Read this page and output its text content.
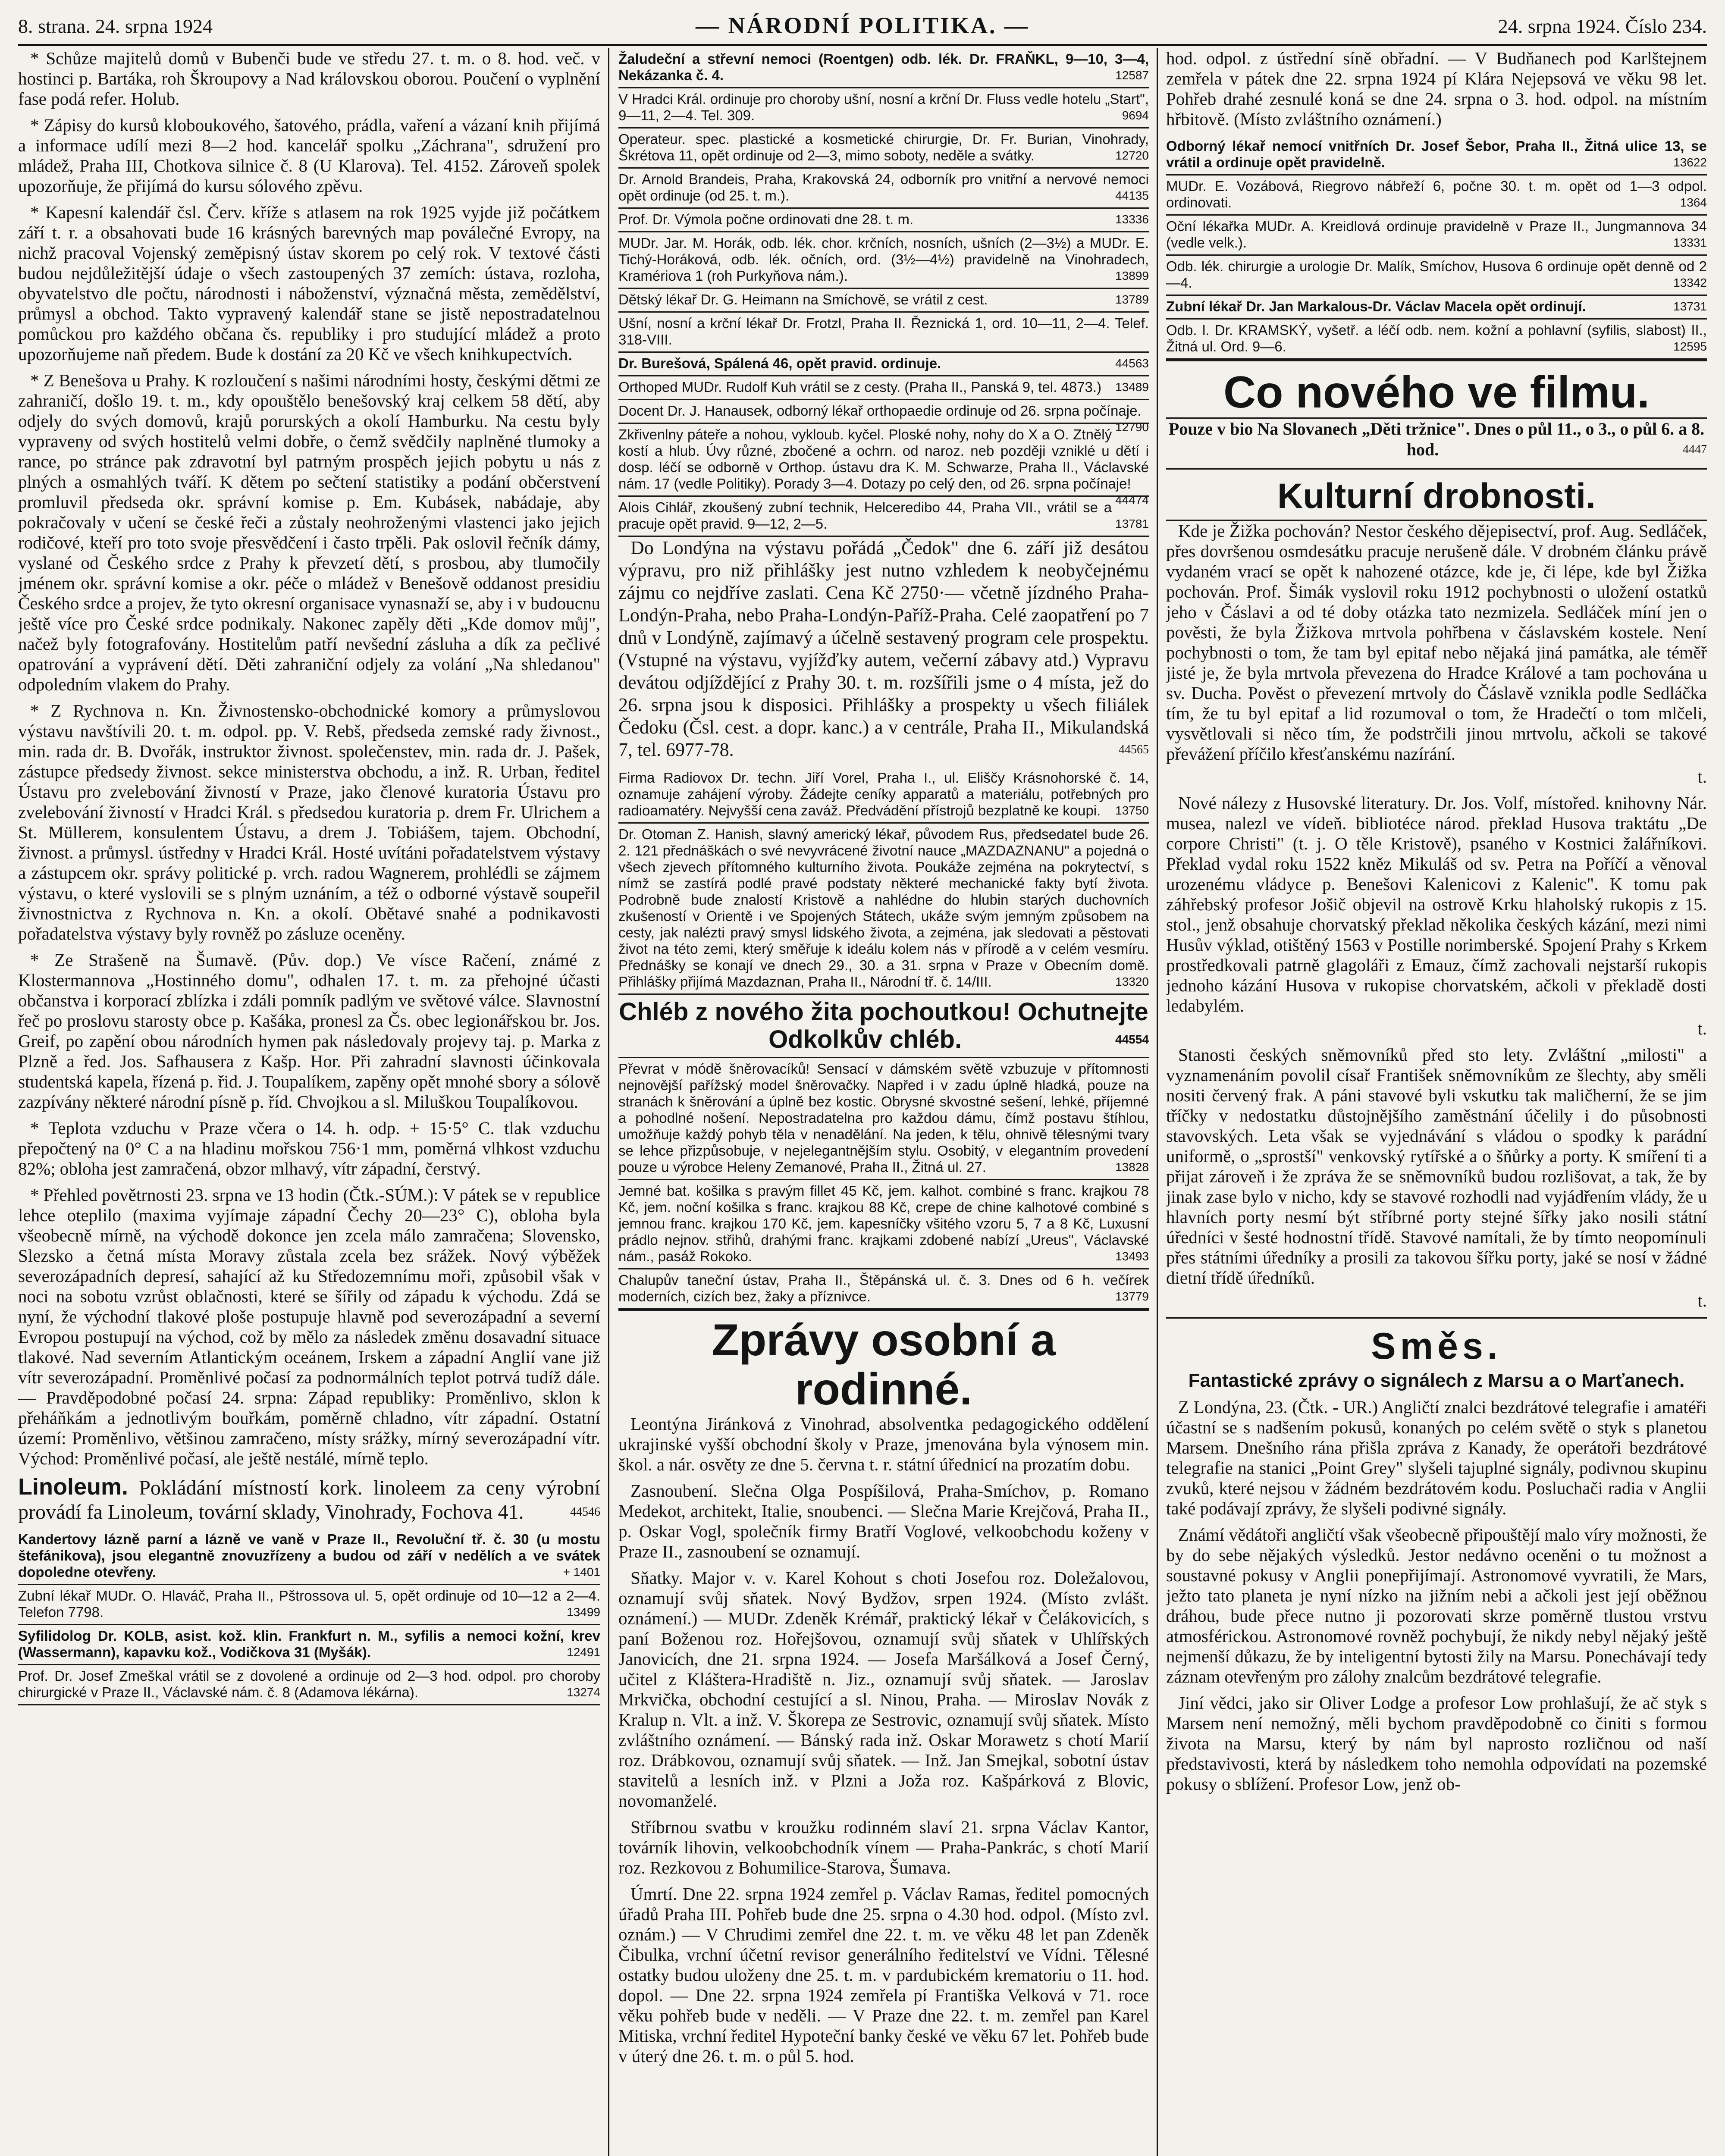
8. strana. 24. srpna 1924	— NÁRODNÍ POLITIKA. —	24. srpna 1924. Číslo 234.

* Schůze majitelů domů v Bubenči bude ve středu 27. t. m. o 8. hod. več. v hostinci p. Bartáka, roh Škroupovy a Nad královskou oborou. Poučení o vyplnění fase podá refer. Holub.

* Zápisy do kursů kloboukového, šatového, prádla, vaření a vázaní knih přijímá a informace udílí mezi 8—2 hod. kancelář spolku „Záchrana", sdružení pro mládež, Praha III, Chotkova silnice č. 8 (U Klarova). Tel. 4152. Zároveň spolek upozorňuje, že přijímá do kursu sólového zpěvu.

* Kapesní kalendář čsl. Červ. kříže s atlasem na rok 1925 vyjde již počátkem září t. r. a obsahovati bude 16 krásných barevných map poválečné Evropy, na nichž pracoval Vojenský zeměpisný ústav skorem po celý rok. V textové části budou nejdůležitější údaje o všech zastoupených 37 zemích: ústava, rozloha, obyvatelstvo dle počtu, národnosti i náboženství, význačná města, zemědělství, průmysl a obchod. Takto vypravený kalendář stane se jistě nepostradatelnou pomůckou pro každého občana čs. republiky i pro studující mládež a proto upozorňujeme naň předem. Bude k dostání za 20 Kč ve všech knihkupectvích.

* Z Benešova u Prahy. K rozloučení s našimi národními hosty, českými dětmi ze zahraničí, došlo 19. t. m., kdy opouštělo benešovský kraj celkem 58 dětí, aby odjely do svých domovů, krajů porurských a okolí Hamburku. Na cestu byly vypraveny od svých hostitelů velmi dobře, o čemž svědčily naplněné tlumoky a rance, po stránce pak zdravotní byl patrným prospěch jejich pobytu u nás z plných a osmahlých tváří. K dětem po sečtení statistiky a podání občerstvení promluvil předseda okr. správní komise p. Em. Kubásek, nabádaje, aby pokračovaly v učení se české řeči a zůstaly neohroženými vlastenci jako jejich rodičové, kteří pro toto svoje přesvědčení i často trpěli. Pak oslovil řečník dámy, vyslané od Českého srdce z Prahy k převzetí dětí, s prosbou, aby tlumočily jménem okr. správní komise a okr. péče o mládež v Benešově oddanost presidiu Českého srdce a projev, že tyto okresní organisace vynasnaží se, aby i v budoucnu ještě více pro České srdce podnikaly. Nakonec zapěly děti „Kde domov můj", načež byly fotografovány. Hostitelům patří nevšední zásluha a dík za pečlivé opatrování a vyprávení dětí. Děti zahraniční odjely za volání „Na shledanou" odpoledním vlakem do Prahy.

* Z Rychnova n. Kn. Živnostensko-obchodnické komory a průmyslovou výstavu navštívili 20. t. m. odpol. pp. V. Rebš, předseda zemské rady živnost., min. rada dr. B. Dvořák, instruktor živnost. společenstev, min. rada dr. J. Pašek, zástupce předsedy živnost. sekce ministerstva obchodu, a inž. R. Urban, ředitel Ústavu pro zvelebování živností v Praze, jako členové kuratoria Ústavu pro zvelebování živností v Hradci Král. s předsedou kuratoria p. drem Fr. Ulrichem a St. Müllerem, konsulentem Ústavu, a drem J. Tobiášem, tajem. Obchodní, živnost. a průmysl. ústředny v Hradci Král. Hosté uvítáni pořadatelstvem výstavy a zástupcem okr. správy politické p. vrch. radou Wagnerem, prohlédli se zájmem výstavu, o které vyslovili se s plným uznáním, a též o odborné výstavě soupeřil živnostnictva z Rychnova n. Kn. a okolí. Obětavé snahé a podnikavosti pořadatelstva výstavy byly rovněž po zásluze oceněny.

* Ze Strašeně na Šumavě. (Pův. dop.) Ve vísce Račení, známé z Klostermannova „Hostinného domu", odhalen 17. t. m. za přehojné účasti občanstva i korporací zblízka i zdáli pomník padlým ve světové válce. Slavnostní řeč po proslovu starosty obce p. Kašáka, pronesl za Čs. obec legionářskou br. Jos. Greif, po zapění obou národních hymen pak následovaly projevy taj. p. Marka z Plzně a řed. Jos. Safhausera z Kašp. Hor. Při zahradní slavnosti účinkovala studentská kapela, řízená p. řid. J. Toupalíkem, zapěny opět mnohé sbory a sólově zazpívány některé národní písně p. říd. Chvojkou a sl. Miluškou Toupalíkovou.

* Teplota vzduchu v Praze včera o 14. h. odp. + 15·5° C. tlak vzduchu přepočtený na 0° C a na hladinu mořskou 756·1 mm, poměrná vlhkost vzduchu 82%; obloha jest zamračená, obzor mlhavý, vítr západní, čerstvý.

* Přehled povětrnosti 23. srpna ve 13 hodin (Čtk.-SÚM.): V pátek se v republice lehce oteplilo (maxima vyjímaje západní Čechy 20—23° C), obloha byla všeobecně mírně, na východě dokonce jen zcela málo zamračena; Slovensko, Slezsko a četná místa Moravy zůstala zcela bez srážek. Nový výběžek severozápadních depresí, sahající až ku Středozemnímu moři, způsobil však v noci na sobotu vzrůst oblačnosti, které se šířily od západu k východu. Zdá se nyní, že východní tlakové ploše postupuje hlavně pod severozápadní a severní Evropou postupují na východ, což by mělo za následek změnu dosavadní situace tlakové. Nad severním Atlantickým oceánem, Irskem a západní Anglií vane již vítr severozápadní. Proměnlivé počasí za podnormálních teplot potrvá tudíž dále. — Pravděpodobné počasí 24. srpna: Západ republiky: Proměnlivo, sklon k přeháňkám a jednotlivým bouřkám, poměrně chladno, vítr západní. Ostatní území: Proměnlivo, většinou zamračeno, místy srážky, mírný severozápadní vítr. Východ: Proměnlivé počasí, ale ještě nestálé, mírně teplo.

Linoleum. Pokládání místností kork. linoleem za ceny výrobní provádí fa Linoleum, tovární sklady, Vinohrady, Fochova 41.	44546

Kandertovy lázně parní a lázně ve vaně v Praze II., Revoluční tř. č. 30 (u mostu štefánikova), jsou elegantně znovuzřízeny a budou od září v nedělích a ve svátek dopoledne otevřeny.	+ 1401

Zubní lékař MUDr. O. Hlaváč, Praha II., Pštrossova ul. 5, opět ordinuje od 10—12 a 2—4. Telefon 7798.	13499

Syfilidolog Dr. KOLB, asist. kož. klin. Frankfurt n. M., syfilis a nemoci kožní, krev (Wassermann), kapavku kož., Vodičkova 31 (Myšák).	12491

Prof. Dr. Josef Zmeškal vrátil se z dovolené a ordinuje od 2—3 hod. odpol. pro choroby chirurgické v Praze II., Václavské nám. č. 8 (Adamova lékárna).	13274

Žaludeční a střevní nemoci (Roentgen) odb. lék. Dr. FRAŇKL, 9—10, 3—4, Nekázanka č. 4.	12587

V Hradci Král. ordinuje pro choroby ušní, nosní a krční Dr. Fluss vedle hotelu „Start", 9—11, 2—4. Tel. 309.	9694

Operateur. spec. plastické a kosmetické chirurgie, Dr. Fr. Burian, Vinohrady, Škrétova 11, opět ordinuje od 2—3, mimo soboty, neděle a svátky.	12720

Dr. Arnold Brandeis, Praha, Krakovská 24, odborník pro vnitřní a nervové nemoci opět ordinuje (od 25. t. m.).	44135

Prof. Dr. Výmola počne ordinovati dne 28. t. m.	13336

MUDr. Jar. M. Horák, odb. lék. chor. krčních, nosních, ušních (2—3½) a MUDr. E. Tichý-Horáková, odb. lék. očních, ord. (3½—4½) pravidelně na Vinohradech, Kramériova 1 (roh Purkyňova nám.).	13899

Dětský lékař Dr. G. Heimann na Smíchově, se vrátil z cest.	13789

Ušní, nosní a krční lékař Dr. Frotzl, Praha II. Řeznická 1, ord. 10—11, 2—4. Telef. 318-VIII.

Dr. Burešová, Spálená 46, opět pravid. ordinuje.	44563

Orthoped MUDr. Rudolf Kuh vrátil se z cesty. (Praha II., Panská 9, tel. 4873.) 13489

Docent Dr. J. Hanausek, odborný lékař orthopaedie ordinuje od 26. srpna počínaje.
12790

Zkřivenlny páteře a nohou, vykloub. kyčel. Ploské nohy, nohy do X a O. Ztnělý kostí a hlub. Úvy různé, zbočené a ochrn. od naroz. neb později vzniklé u dětí i dosp. léčí se odborně v Orthop. ústavu dra K. M. Schwarze, Praha II., Václavské nám. 17 (vedle Politiky). Porady 3—4. Dotazy po celý den, od 26. srpna počínaje!
44474

Alois Cihlář, zkoušený zubní technik, Helceredibo 44, Praha VII., vrátil se a pracuje opět pravid. 9—12, 2—5.	13781

Do Londýna na výstavu pořádá „Čedok" dne 6. září již desátou výpravu, pro niž přihlášky jest nutno vzhledem k neobyčejnému zájmu co nejdříve zaslati. Cena Kč 2750·— včetně jízdného Praha-Londýn-Praha, nebo Praha-Londýn-Paříž-Praha. Celé zaopatření po 7 dnů v Londýně, zajímavý a účelně sestavený program cele prospektu. (Vstupné na výstavu, vyjížďky autem, večerní zábavy atd.) Vypravu devátou odjíždějící z Prahy 30. t. m. rozšířili jsme o 4 místa, jež do 26. srpna jsou k disposici. Přihlášky a prospekty u všech filiálek Čedoku (Čsl. cest. a dopr. kanc.) a v centrále, Praha II., Mikulandská 7, tel. 6977-78.	44565

Firma Radiovox Dr. techn. Jiří Vorel, Praha I., ul. Eliščy Krásnohorské č. 14, oznamuje zahájení výroby. Žádejte ceníky apparatů a materiálu, potřebných pro radioamatéry. Nejvyšší cena zaváž. Předvádění přístrojů bezplatně ke koupi. 13750

Dr. Otoman Z. Hanish, slavný americký lékař, původem Rus, předsedatel bude 26. 2. 121 přednáškách o své nevyvrácené životní nauce „MAZDAZNANU" a pojedná o všech zjevech přítomného kulturního života. Poukáže zejména na pokrytectví, s nímž se zastírá podlé pravé podstaty některé mechanické fakty bytí života. Podrobně bude znalostí Kristově a nahlédne do hlubin starých duchovních zkušeností v Orientě i ve Spojených Státech, ukáže svým jemným způsobem na cesty, jak nalézti pravý smysl lidského života, a zejména, jak sledovati a pěstovati život na této zemi, který směřuje k ideálu kolem nás v přírodě a v celém vesmíru. Přednášky se konají ve dnech 29., 30. a 31. srpna v Praze v Obecním domě. Přihlášky přijímá Mazdaznan, Praha II., Národní tř. č. 14/III.	13320

Chléb z nového žita pochoutkou! Ochutnejte Odkolkův chléb.	44554

Převrat v módě šněrovacíků! Sensací v dámském světě vzbuzuje v přítomnosti nejnovější pařížský model šněrovačky. Napřed i v zadu úplně hladká, pouze na stranách k šněrování a úplně bez kostic. Obrysné skvostné sešení, lehké, příjemné a pohodlné nošení. Nepostradatelna pro každou dámu, čímž postavu štíhlou, umožňuje každý pohyb těla v nenadělání. Na jeden, k tělu, ohnivě tělesnými tvary se lehce přizpůsobuje, v nejelegantnějším stylu. Osobitý, v elegantním provedení pouze u výrobce Heleny Zemanové, Praha II., Žitná ul. 27.	13828

Jemné bat. košilka s pravým fillet 45 Kč, jem. kalhot. combiné s franc. krajkou 78 Kč, jem. noční košilka s franc. krajkou 88 Kč, crepe de chine kalhotové combiné s jemnou franc. krajkou 170 Kč, jem. kapesníčky všitého vzoru 5, 7 a 8 Kč, Luxusní prádlo nejnov. střihů, drahými franc. krajkami zdobené nabízí „Ureus", Václavské nám., pasáž Rokoko.	13493

Chalupův taneční ústav, Praha II., Štěpánská ul. č. 3. Dnes od 6 h. večírek moderních, cizích bez, žaky a příznivce.	13779

Zprávy osobní a rodinné.

Leontýna Jiránková z Vinohrad, absolventka pedagogického oddělení ukrajinské vyšší obchodní školy v Praze, jmenována byla výnosem min. škol. a nár. osvěty ze dne 5. června t. r. státní úřednicí na prozatím dobu.

Zasnoubení. Slečna Olga Pospíšilová, Praha-Smíchov, p. Romano Medekot, architekt, Italie, snoubenci. — Slečna Marie Krejčová, Praha II., p. Oskar Vogl, společník firmy Bratří Voglové, velkoobchodu koženy v Praze II., zasnoubení se oznamují.

Sňatky. Major v. v. Karel Kohout s choti Josefou roz. Doležalovou, oznamují svůj sňatek. Nový Bydžov, srpen 1924. (Místo zvlášt. oznámení.) — MUDr. Zdeněk Krémář, praktický lékař v Čelákovicích, s paní Boženou roz. Hořejšovou, oznamují svůj sňatek v Uhlířských Janovicích, dne 21. srpna 1924. — Josefa Maršálková a Josef Černý, učitel z Kláštera-Hradiště n. Jiz., oznamují svůj sňatek. — Jaroslav Mrkvička, obchodní cestující a sl. Ninou, Praha. — Miroslav Novák z Kralup n. Vlt. a inž. V. Škorepa ze Sestrovic, oznamují svůj sňatek. Místo zvláštního oznámení. — Bánský rada inž. Oskar Morawetz s chotí Marií roz. Drábkovou, oznamují svůj sňatek. — Inž. Jan Smejkal, sobotní ústav stavitelů a lesních inž. v Plzni a Joža roz. Kašpárková z Blovic, novomanželé.

Stříbrnou svatbu v kroužku rodinném slaví 21. srpna Václav Kantor, továrník lihovin, velkoobchodník vínem — Praha-Pankrác, s chotí Marií roz. Rezkovou z Bohumilice-Starova, Šumava.

Úmrtí. Dne 22. srpna 1924 zemřel p. Václav Ramas, ředitel pomocných úřadů Praha III. Pohřeb bude dne 25. srpna o 4.30 hod. odpol. (Místo zvl. oznám.) — V Chrudimi zemřel dne 22. t. m. ve věku 48 let pan Zdeněk Čibulka, vrchní účetní revisor generálního ředitelství ve Vídni. Tělesné ostatky budou uloženy dne 25. t. m. v pardubickém krematoriu o 11. hod. dopol. — Dne 22. srpna 1924 zemřela pí Františka Velková v 71. roce věku pohřeb bude v neděli. — V Praze dne 22. t. m. zemřel pan Karel Mitiska, vrchní ředitel Hypoteční banky české ve věku 67 let. Pohřeb bude v úterý dne 26. t. m. o půl 5. hod.

hod. odpol. z ústřední síně obřadní. — V Budňanech pod Karlštejnem zemřela v pátek dne 22. srpna 1924 pí Klára Nejepsová ve věku 98 let. Pohřeb drahé zesnulé koná se dne 24. srpna o 3. hod. odpol. na místním hřbitově. (Místo zvláštního oznámení.)

Odborný lékař nemocí vnitřních Dr. Josef Šebor, Praha II., Žitná ulice 13, se vrátil a ordinuje opět pravidelně.	13622

MUDr. E. Vozábová, Riegrovo nábřeží 6, počne 30. t. m. opět od 1—3 odpol. ordinovati.	1364

Oční lékařka MUDr. A. Kreidlová ordinuje pravidelně v Praze II., Jungmannova 34 (vedle velk.).	13331

Odb. lék. chirurgie a urologie Dr. Malík, Smíchov, Husova 6 ordinuje opět denně od 2—4.	13342

Zubní lékař Dr. Jan Markalous-Dr. Václav Macela opět ordinují.	13731

Odb. l. Dr. KRAMSKÝ, vyšetř. a léčí odb. nem. kožní a pohlavní (syfilis, slabost) II., Žitná ul. Ord. 9—6.	12595

Co nového ve filmu.

Pouze v bio Na Slovanech „Děti tržnice". Dnes o půl 11., o 3., o půl 6. a 8. hod.	4447

Kulturní drobnosti.

Kde je Žižka pochován? Nestor českého dějepisectví, prof. Aug. Sedláček, přes dovršenou osmdesátku pracuje nerušeně dále. V drobném článku právě vydaném vrací se opět k nahozené otázce, kde je, či lépe, kde byl Žižka pochován. Prof. Šimák vyslovil roku 1912 pochybnosti o uložení ostatků jeho v Čáslavi a od té doby otázka tato nezmizela. Sedláček míní jen o pověsti, že byla Žižkova mrtvola pohřbena v čáslavském kostele. Není pochybnosti o tom, že tam byl epitaf nebo nějaká jiná památka, ale téměř jisté je, že byla mrtvola převezena do Hradce Králové a tam pochována u sv. Ducha. Pověst o převezení mrtvoly do Čáslavě vznikla podle Sedláčka tím, že tu byl epitaf a lid rozumoval o tom, že Hradečtí o tom mlčeli, vysvětlovali si něco tím, že podstrčili jinou mrtvolu, ačkoli se takové převážení příčilo křesťanskému nazírání.

t.

Nové nálezy z Husovské literatury. Dr. Jos. Volf, místořed. knihovny Nár. musea, nalezl ve vídeň. bibliotéce národ. překlad Husova traktátu „De corpore Christi" (t. j. O těle Kristově), psaného v Kostnici žalářníkovi. Překlad vydal roku 1522 kněz Mikuláš od sv. Petra na Poříčí a věnoval urozenému vládyce p. Benešovi Kalenicovi z Kalenic". K tomu pak záhřebský profesor Jošič objevil na ostrově Krku hlaholský rukopis z 15. stol., jenž obsahuje chorvatský překlad několika českých kázání, mezi nimi Husův výklad, otištěný 1563 v Postille norimberské. Spojení Prahy s Krkem prostředkovali patrně glagoláři z Emauz, čímž zachovali nejstarší rukopis jednoho kázání Husova v rukopise chorvatském, ačkoli v překladě dosti ledabylém.

t.

Stanosti českých sněmovníků před sto lety. Zvláštní „milosti" a vyznamenáním povolil císař František sněmovníkům ze šlechty, aby směli nositi červený frak. A páni stavové byli vskutku tak maličherní, že se jim tříčky v nedostatku důstojnějšího zaměstnání účelily i do působnosti stavovských. Leta však se vyjednávání s vládou o spodky k parádní uniformě, o „sprostší" venkovský rytířské a o šňůrky a porty. K smíření ti a přijat zároveň i že zpráva že se sněmovníků budou rozlišovat, a tak, že by jinak zase bylo v nicho, kdy se stavové rozhodli nad vyjádřením vlády, že u hlavních porty nesmí být stříbrné porty stejné šířky jako nosili státní úředníci v šesté hodnostní třídě. Stavové namítali, že by tímto neopomínuli přes státními úředníky a prosili za takovou šířku porty, jaké se nosí v žádné dietní třídě úředníků.

t.

Směs.

Fantastické zprávy o signálech z Marsu a o Marťanech.

Z Londýna, 23. (Čtk. - UR.) Angličtí znalci bezdrátové telegrafie i amatéři účastní se s nadšením pokusů, konaných po celém světě o styk s planetou Marsem. Dnešního rána přišla zpráva z Kanady, že operátoři bezdrátové telegrafie na stanici „Point Grey" slyšeli tajuplné signály, podivnou skupinu zvuků, které nejsou v žádném bezdrátovém kodu. Posluchači radia v Anglii také podávají zprávy, že slyšeli podivné signály.

Známí vědátoři angličtí však všeobecně připouštějí malo víry možnosti, že by do sebe nějakých výsledků. Jestor nedávno oceněni o tu možnost a soustavné pokusy v Anglii ponepřijímají. Astronomové vyvratili, že Mars, ježto tato planeta je nyní nízko na jižním nebi a ačkoli jest její oběžnou dráhou, bude přece nutno ji pozorovati skrze poměrně tlustou vrstvu atmosférickou. Astronomové rovněž pochybují, že nikdy nebyl nějaký ještě nejmenší důkazu, že by inteligentní bytosti žily na Marsu. Ponechávají tedy záznam otevřeným pro zálohy znalcům bezdrátové telegrafie.

Jiní vědci, jako sir Oliver Lodge a profesor Low prohlašují, že ač styk s Marsem není nemožný, měli bychom pravděpodobně co činiti s formou života na Marsu, který by nám byl naprosto rozličnou od naší představivosti, která by následkem toho nemohla odpovídati na pozemské pokusy o sblížení. Profesor Low, jenž ob-
